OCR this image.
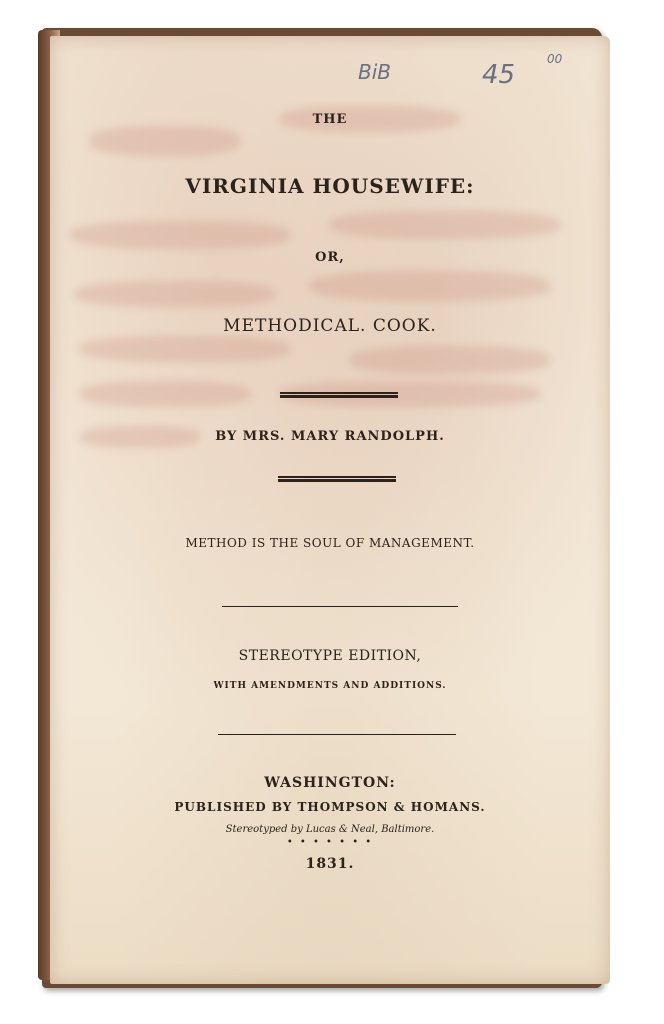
BiB	45
00
THE
VIRGINIA HOUSEWIFE:
OR,
METHODICAL. COOK.
BY MRS. MARY RANDOLPH.
METHOD IS THE SOUL OF MANAGEMENT.
STEREOTYPE EDITION,
WITH AMENDMENTS AND ADDITIONS.
WASHINGTON:
PUBLISHED BY THOMPSON & HOMANS.
Stereotyped by Lucas & Neal, Baltimore.
• • • • • • •
1831.
